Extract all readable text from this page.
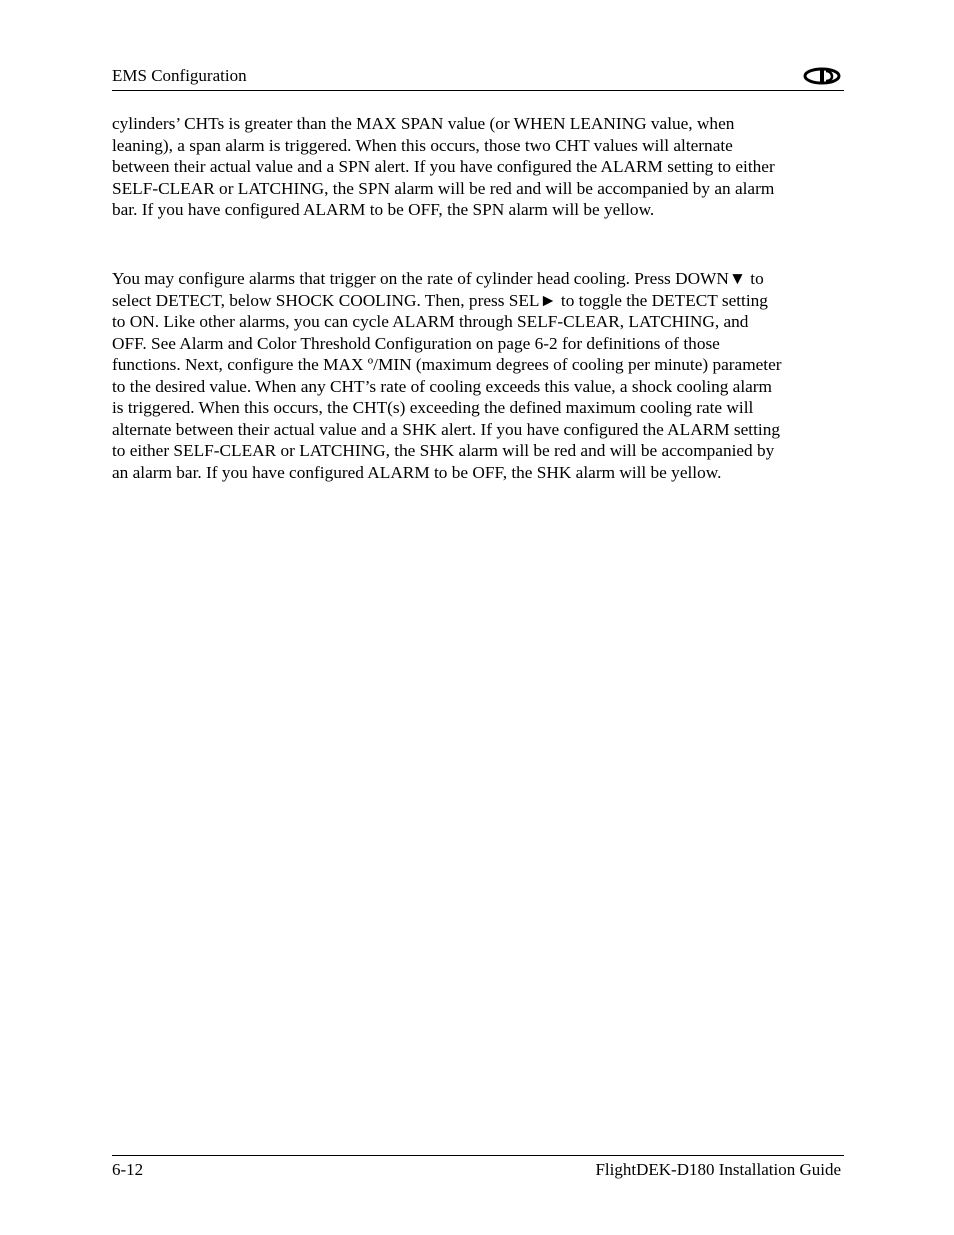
EMS Configuration

cylinders’ CHTs is greater than the MAX SPAN value (or WHEN LEANING value, when
leaning), a span alarm is triggered. When this occurs, those two CHT values will alternate
between their actual value and a SPN alert. If you have configured the ALARM setting to either
SELF-CLEAR or LATCHING, the SPN alarm will be red and will be accompanied by an alarm
bar. If you have configured ALARM to be OFF, the SPN alarm will be yellow.

You may configure alarms that trigger on the rate of cylinder head cooling. Press DOWN▼ to
select DETECT, below SHOCK COOLING. Then, press SEL► to toggle the DETECT setting
to ON. Like other alarms, you can cycle ALARM through SELF-CLEAR, LATCHING, and
OFF. See Alarm and Color Threshold Configuration on page 6-2 for definitions of those
functions. Next, configure the MAX º/MIN (maximum degrees of cooling per minute) parameter
to the desired value. When any CHT’s rate of cooling exceeds this value, a shock cooling alarm
is triggered. When this occurs, the CHT(s) exceeding the defined maximum cooling rate will
alternate between their actual value and a SHK alert. If you have configured the ALARM setting
to either SELF-CLEAR or LATCHING, the SHK alarm will be red and will be accompanied by
an alarm bar. If you have configured ALARM to be OFF, the SHK alarm will be yellow.

6-12	FlightDEK-D180 Installation Guide
